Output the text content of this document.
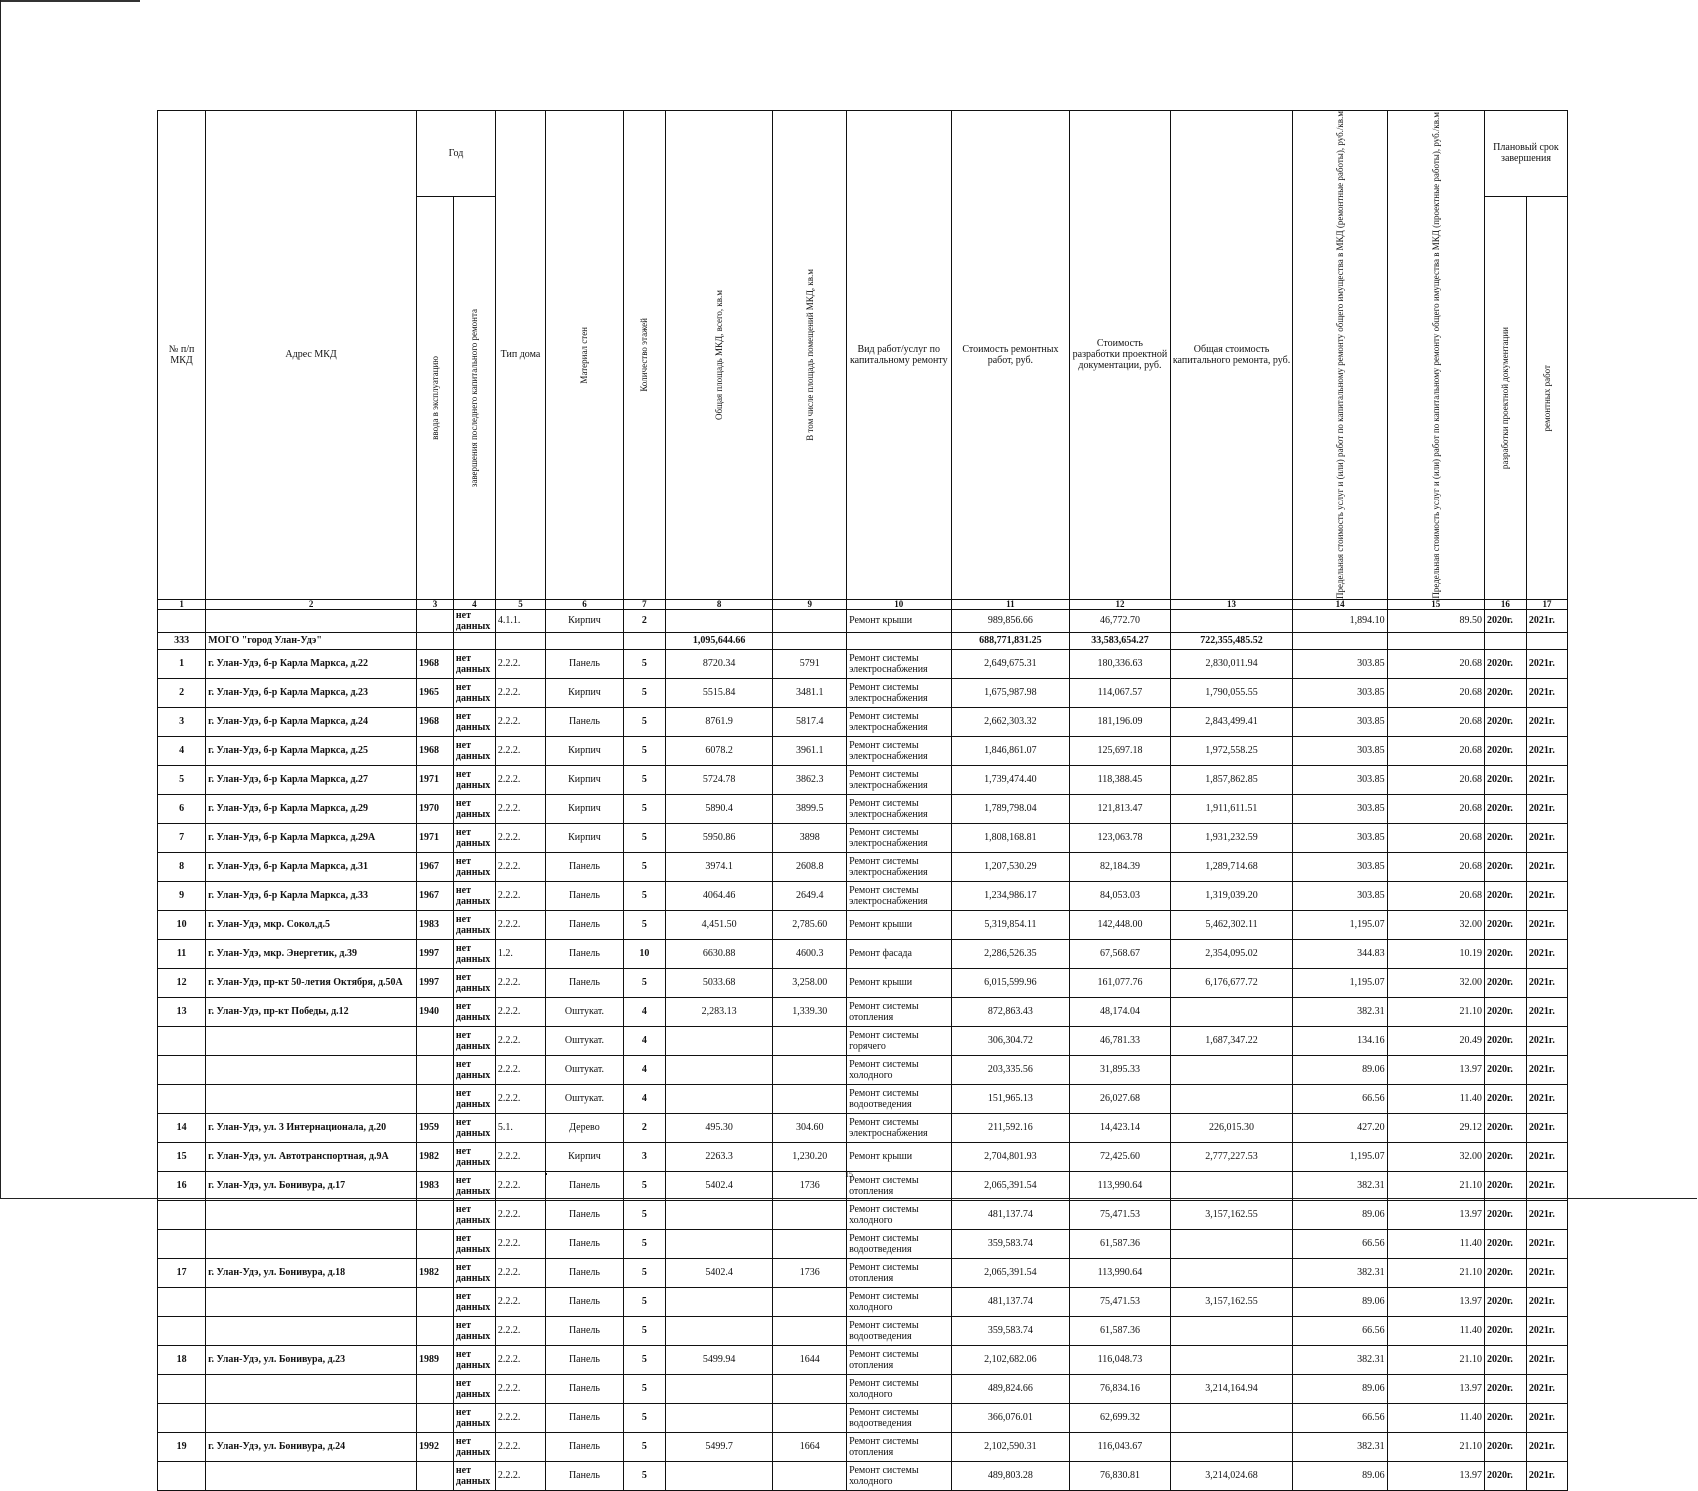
№ п/п МКД	Адрес МКД	Год		Тип дома	Материал стен	Количество этажей	Общая площадь МКД, всего, кв.м	В том числе площадь помещений МКД, кв.м	Вид работ/услуг по капитальному ремонту	Стоимость ремонтных работ, руб.	Стоимость разработки проектной документации, руб.	Общая стоимость капитального ремонта, руб.	Предельная стоимость услуг и (или) работ по капитальному ремонту общего имущества в МКД (ремонтные работы), руб./кв.м	Предельная стоимость услуг и (или) работ по капитальному ремонту общего имущества в МКД (проектные работы), руб./кв.м	Плановый срок завершения	

		ввода в эксплуатацию	завершения последнего капитального ремонта												разработки проектной документации	ремонтных работ

1	2	3	4	5	6	7	8	9	10	11	12	13	14	15	16	17
			нет данных	4.1.1.	Кирпич	2			Ремонт крыши	989,856.66	46,772.70		1,894.10	89.50	2020г.	2021г.
333	МОГО "город Улан-Удэ"						1,095,644.66			688,771,831.25	33,583,654.27	722,355,485.52				
1	г. Улан-Удэ, б-р Карла Маркса, д.22	1968	нет данных	2.2.2.	Панель	5	8720.34	5791	Ремонт системы электроснабжения	2,649,675.31	180,336.63	2,830,011.94	303.85	20.68	2020г.	2021г.
2	г. Улан-Удэ, б-р Карла Маркса, д.23	1965	нет данных	2.2.2.	Кирпич	5	5515.84	3481.1	Ремонт системы электроснабжения	1,675,987.98	114,067.57	1,790,055.55	303.85	20.68	2020г.	2021г.
3	г. Улан-Удэ, б-р Карла Маркса, д.24	1968	нет данных	2.2.2.	Панель	5	8761.9	5817.4	Ремонт системы электроснабжения	2,662,303.32	181,196.09	2,843,499.41	303.85	20.68	2020г.	2021г.
4	г. Улан-Удэ, б-р Карла Маркса, д.25	1968	нет данных	2.2.2.	Кирпич	5	6078.2	3961.1	Ремонт системы электроснабжения	1,846,861.07	125,697.18	1,972,558.25	303.85	20.68	2020г.	2021г.
5	г. Улан-Удэ, б-р Карла Маркса, д.27	1971	нет данных	2.2.2.	Кирпич	5	5724.78	3862.3	Ремонт системы электроснабжения	1,739,474.40	118,388.45	1,857,862.85	303.85	20.68	2020г.	2021г.
6	г. Улан-Удэ, б-р Карла Маркса, д.29	1970	нет данных	2.2.2.	Кирпич	5	5890.4	3899.5	Ремонт системы электроснабжения	1,789,798.04	121,813.47	1,911,611.51	303.85	20.68	2020г.	2021г.
7	г. Улан-Удэ, б-р Карла Маркса, д.29А	1971	нет данных	2.2.2.	Кирпич	5	5950.86	3898	Ремонт системы электроснабжения	1,808,168.81	123,063.78	1,931,232.59	303.85	20.68	2020г.	2021г.
8	г. Улан-Удэ, б-р Карла Маркса, д.31	1967	нет данных	2.2.2.	Панель	5	3974.1	2608.8	Ремонт системы электроснабжения	1,207,530.29	82,184.39	1,289,714.68	303.85	20.68	2020г.	2021г.
9	г. Улан-Удэ, б-р Карла Маркса, д.33	1967	нет данных	2.2.2.	Панель	5	4064.46	2649.4	Ремонт системы электроснабжения	1,234,986.17	84,053.03	1,319,039.20	303.85	20.68	2020г.	2021г.
10	г. Улан-Удэ, мкр. Сокол,д.5	1983	нет данных	2.2.2.	Панель	5	4,451.50	2,785.60	Ремонт крыши	5,319,854.11	142,448.00	5,462,302.11	1,195.07	32.00	2020г.	2021г.
11	г. Улан-Удэ, мкр. Энергетик, д.39	1997	нет данных	1.2.	Панель	10	6630.88	4600.3	Ремонт фасада	2,286,526.35	67,568.67	2,354,095.02	344.83	10.19	2020г.	2021г.
12	г. Улан-Удэ, пр-кт 50-летия Октября, д.50А	1997	нет данных	2.2.2.	Панель	5	5033.68	3,258.00	Ремонт крыши	6,015,599.96	161,077.76	6,176,677.72	1,195.07	32.00	2020г.	2021г.
13	г. Улан-Удэ, пр-кт Победы, д.12	1940	нет данных	2.2.2.	Оштукат.	4	2,283.13	1,339.30	Ремонт системы отопления	872,863.43	48,174.04		382.31	21.10	2020г.	2021г.
			нет данных	2.2.2.	Оштукат.	4			Ремонт системы горячего	306,304.72	46,781.33	1,687,347.22	134.16	20.49	2020г.	2021г.
			нет данных	2.2.2.	Оштукат.	4			Ремонт системы холодного	203,335.56	31,895.33		89.06	13.97	2020г.	2021г.
			нет данных	2.2.2.	Оштукат.	4			Ремонт системы водоотведения	151,965.13	26,027.68		66.56	11.40	2020г.	2021г.
14	г. Улан-Удэ, ул. 3 Интернационала, д.20	1959	нет данных	5.1.	Дерево	2	495.30	304.60	Ремонт системы электроснабжения	211,592.16	14,423.14	226,015.30	427.20	29.12	2020г.	2021г.
15	г. Улан-Удэ, ул. Автотранспортная, д.9А	1982	нет данных	2.2.2.	Кирпич	3	2263.3	1,230.20	Ремонт крыши	2,704,801.93	72,425.60	2,777,227.53	1,195.07	32.00	2020г.	2021г.
16	г. Улан-Удэ, ул. Бонивура, д.17	1983	нет данных	2.2.2.	Панель	5	5402.4	1736	Ремонт системы отопления	2,065,391.54	113,990.64		382.31	21.10	2020г.	2021г.
			нет данных	2.2.2.	Панель	5			Ремонт системы холодного	481,137.74	75,471.53	3,157,162.55	89.06	13.97	2020г.	2021г.
			нет данных	2.2.2.	Панель	5			Ремонт системы водоотведения	359,583.74	61,587.36		66.56	11.40	2020г.	2021г.
17	г. Улан-Удэ, ул. Бонивура, д.18	1982	нет данных	2.2.2.	Панель	5	5402.4	1736	Ремонт системы отопления	2,065,391.54	113,990.64		382.31	21.10	2020г.	2021г.
			нет данных	2.2.2.	Панель	5			Ремонт системы холодного	481,137.74	75,471.53	3,157,162.55	89.06	13.97	2020г.	2021г.
			нет данных	2.2.2.	Панель	5			Ремонт системы водоотведения	359,583.74	61,587.36		66.56	11.40	2020г.	2021г.
18	г. Улан-Удэ, ул. Бонивура, д.23	1989	нет данных	2.2.2.	Панель	5	5499.94	1644	Ремонт системы отопления	2,102,682.06	116,048.73		382.31	21.10	2020г.	2021г.
			нет данных	2.2.2.	Панель	5			Ремонт системы холодного	489,824.66	76,834.16	3,214,164.94	89.06	13.97	2020г.	2021г.
			нет данных	2.2.2.	Панель	5			Ремонт системы водоотведения	366,076.01	62,699.32		66.56	11.40	2020г.	2021г.
19	г. Улан-Удэ, ул. Бонивура, д.24	1992	нет данных	2.2.2.	Панель	5	5499.7	1664	Ремонт системы отопления	2,102,590.31	116,043.67		382.31	21.10	2020г.	2021г.
			нет данных	2.2.2.	Панель	5			Ремонт системы холодного	489,803.28	76,830.81	3,214,024.68	89.06	13.97	2020г.	2021г.
15
